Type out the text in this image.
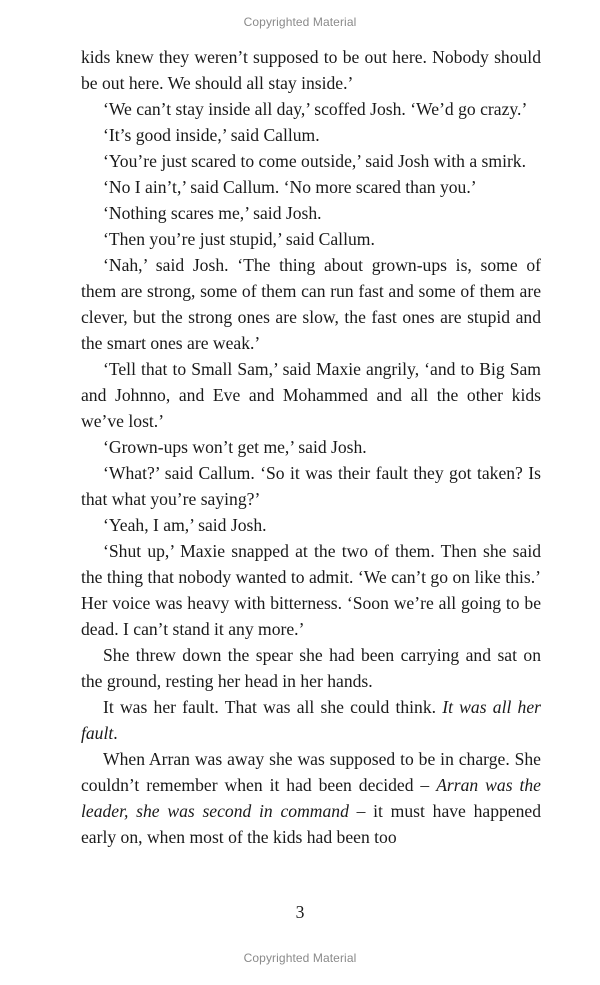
Copyrighted Material

kids knew they weren’t supposed to be out here. Nobody should be out here. We should all stay inside.’

‘We can’t stay inside all day,’ scoffed Josh. ‘We’d go crazy.’

‘It’s good inside,’ said Callum.

‘You’re just scared to come outside,’ said Josh with a smirk.

‘No I ain’t,’ said Callum. ‘No more scared than you.’

‘Nothing scares me,’ said Josh.

‘Then you’re just stupid,’ said Callum.

‘Nah,’ said Josh. ‘The thing about grown-ups is, some of them are strong, some of them can run fast and some of them are clever, but the strong ones are slow, the fast ones are stupid and the smart ones are weak.’

‘Tell that to Small Sam,’ said Maxie angrily, ‘and to Big Sam and Johnno, and Eve and Mohammed and all the other kids we’ve lost.’

‘Grown-ups won’t get me,’ said Josh.

‘What?’ said Callum. ‘So it was their fault they got taken? Is that what you’re saying?’

‘Yeah, I am,’ said Josh.

‘Shut up,’ Maxie snapped at the two of them. Then she said the thing that nobody wanted to admit. ‘We can’t go on like this.’ Her voice was heavy with bitterness. ‘Soon we’re all going to be dead. I can’t stand it any more.’

She threw down the spear she had been carrying and sat on the ground, resting her head in her hands.

It was her fault. That was all she could think. It was all her fault.

When Arran was away she was supposed to be in charge. She couldn’t remember when it had been decided – Arran was the leader, she was second in command – it must have happened early on, when most of the kids had been too

3
Copyrighted Material
